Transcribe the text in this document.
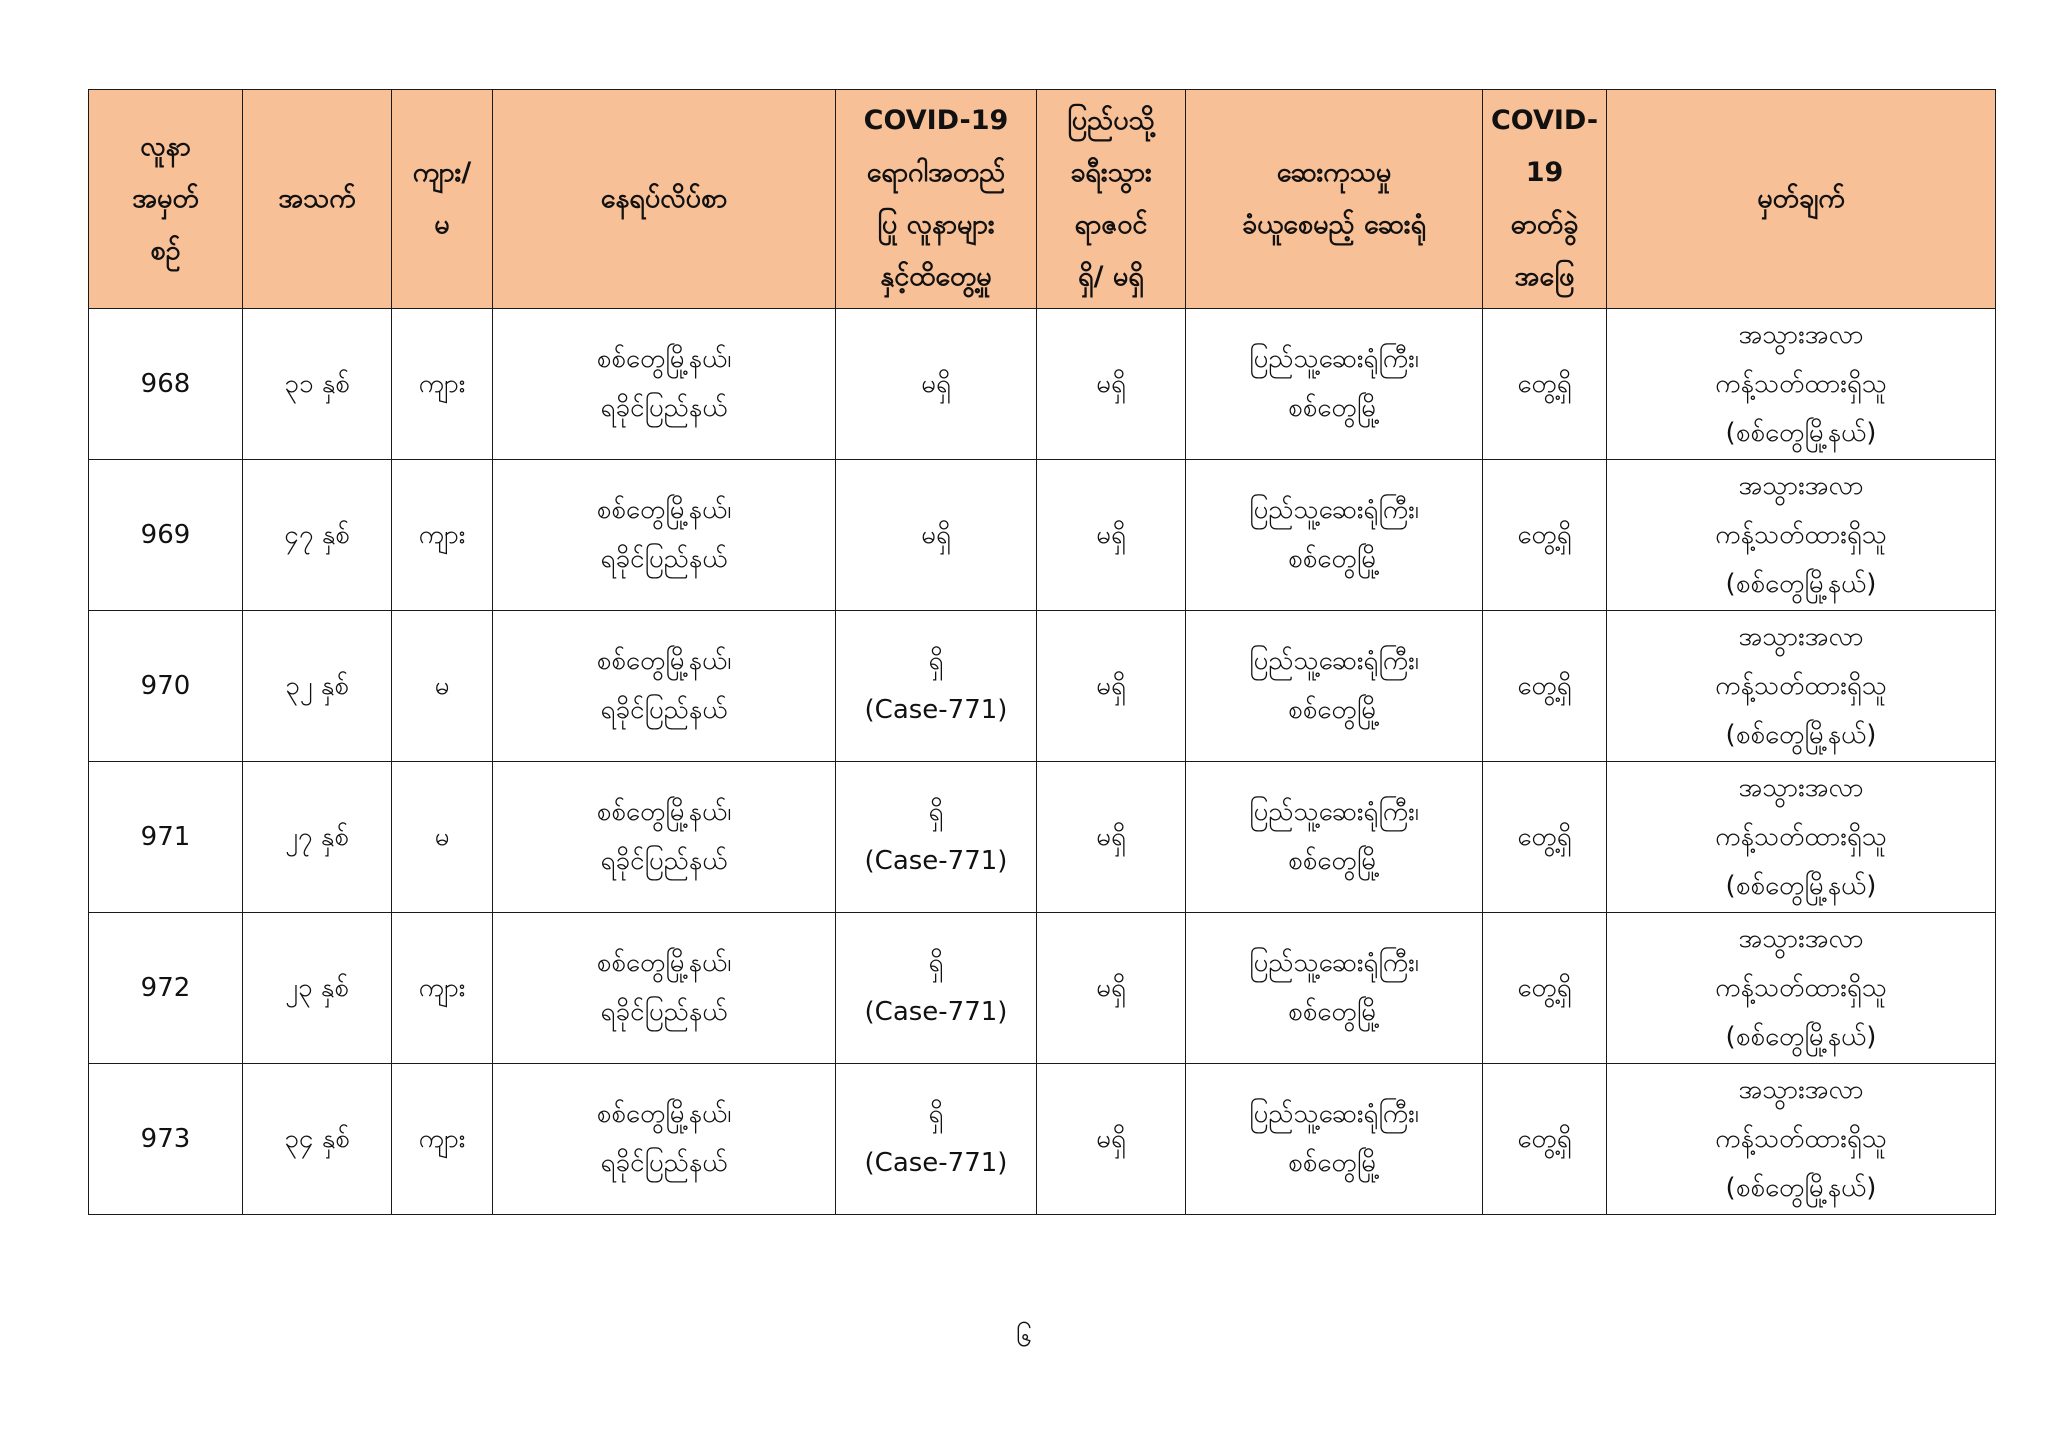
လူနာ
အမှတ်
စဉ်	အသက်	ကျား/
မ	နေရပ်လိပ်စာ	COVID-19
ရောဂါအတည်
ပြု လူနာများ
နှင့်ထိတွေ့မှု	ပြည်ပသို့
ခရီးသွား
ရာဇဝင်
ရှိ/ မရှိ	ဆေးကုသမှု
ခံယူစေမည့် ဆေးရုံ	COVID-
19
ဓာတ်ခွဲ
အဖြေ	မှတ်ချက်

968	၃၁ နှစ်	ကျား	စစ်တွေမြို့နယ်၊
ရခိုင်ပြည်နယ်	မရှိ	မရှိ	ပြည်သူ့ဆေးရုံကြီး၊
စစ်တွေမြို့	တွေ့ရှိ	အသွားအလာ
ကန့်သတ်ထားရှိသူ
(စစ်တွေမြို့နယ်)

969	၄၇ နှစ်	ကျား	စစ်တွေမြို့နယ်၊
ရခိုင်ပြည်နယ်	မရှိ	မရှိ	ပြည်သူ့ဆေးရုံကြီး၊
စစ်တွေမြို့	တွေ့ရှိ	အသွားအလာ
ကန့်သတ်ထားရှိသူ
(စစ်တွေမြို့နယ်)

970	၃၂ နှစ်	မ	စစ်တွေမြို့နယ်၊
ရခိုင်ပြည်နယ်	ရှိ
(Case-771)	မရှိ	ပြည်သူ့ဆေးရုံကြီး၊
စစ်တွေမြို့	တွေ့ရှိ	အသွားအလာ
ကန့်သတ်ထားရှိသူ
(စစ်တွေမြို့နယ်)

971	၂၇ နှစ်	မ	စစ်တွေမြို့နယ်၊
ရခိုင်ပြည်နယ်	ရှိ
(Case-771)	မရှိ	ပြည်သူ့ဆေးရုံကြီး၊
စစ်တွေမြို့	တွေ့ရှိ	အသွားအလာ
ကန့်သတ်ထားရှိသူ
(စစ်တွေမြို့နယ်)

972	၂၃ နှစ်	ကျား	စစ်တွေမြို့နယ်၊
ရခိုင်ပြည်နယ်	ရှိ
(Case-771)	မရှိ	ပြည်သူ့ဆေးရုံကြီး၊
စစ်တွေမြို့	တွေ့ရှိ	အသွားအလာ
ကန့်သတ်ထားရှိသူ
(စစ်တွေမြို့နယ်)

973	၃၄ နှစ်	ကျား	စစ်တွေမြို့နယ်၊
ရခိုင်ပြည်နယ်	ရှိ
(Case-771)	မရှိ	ပြည်သူ့ဆေးရုံကြီး၊
စစ်တွေမြို့	တွေ့ရှိ	အသွားအလာ
ကန့်သတ်ထားရှိသူ
(စစ်တွေမြို့နယ်)
၆
